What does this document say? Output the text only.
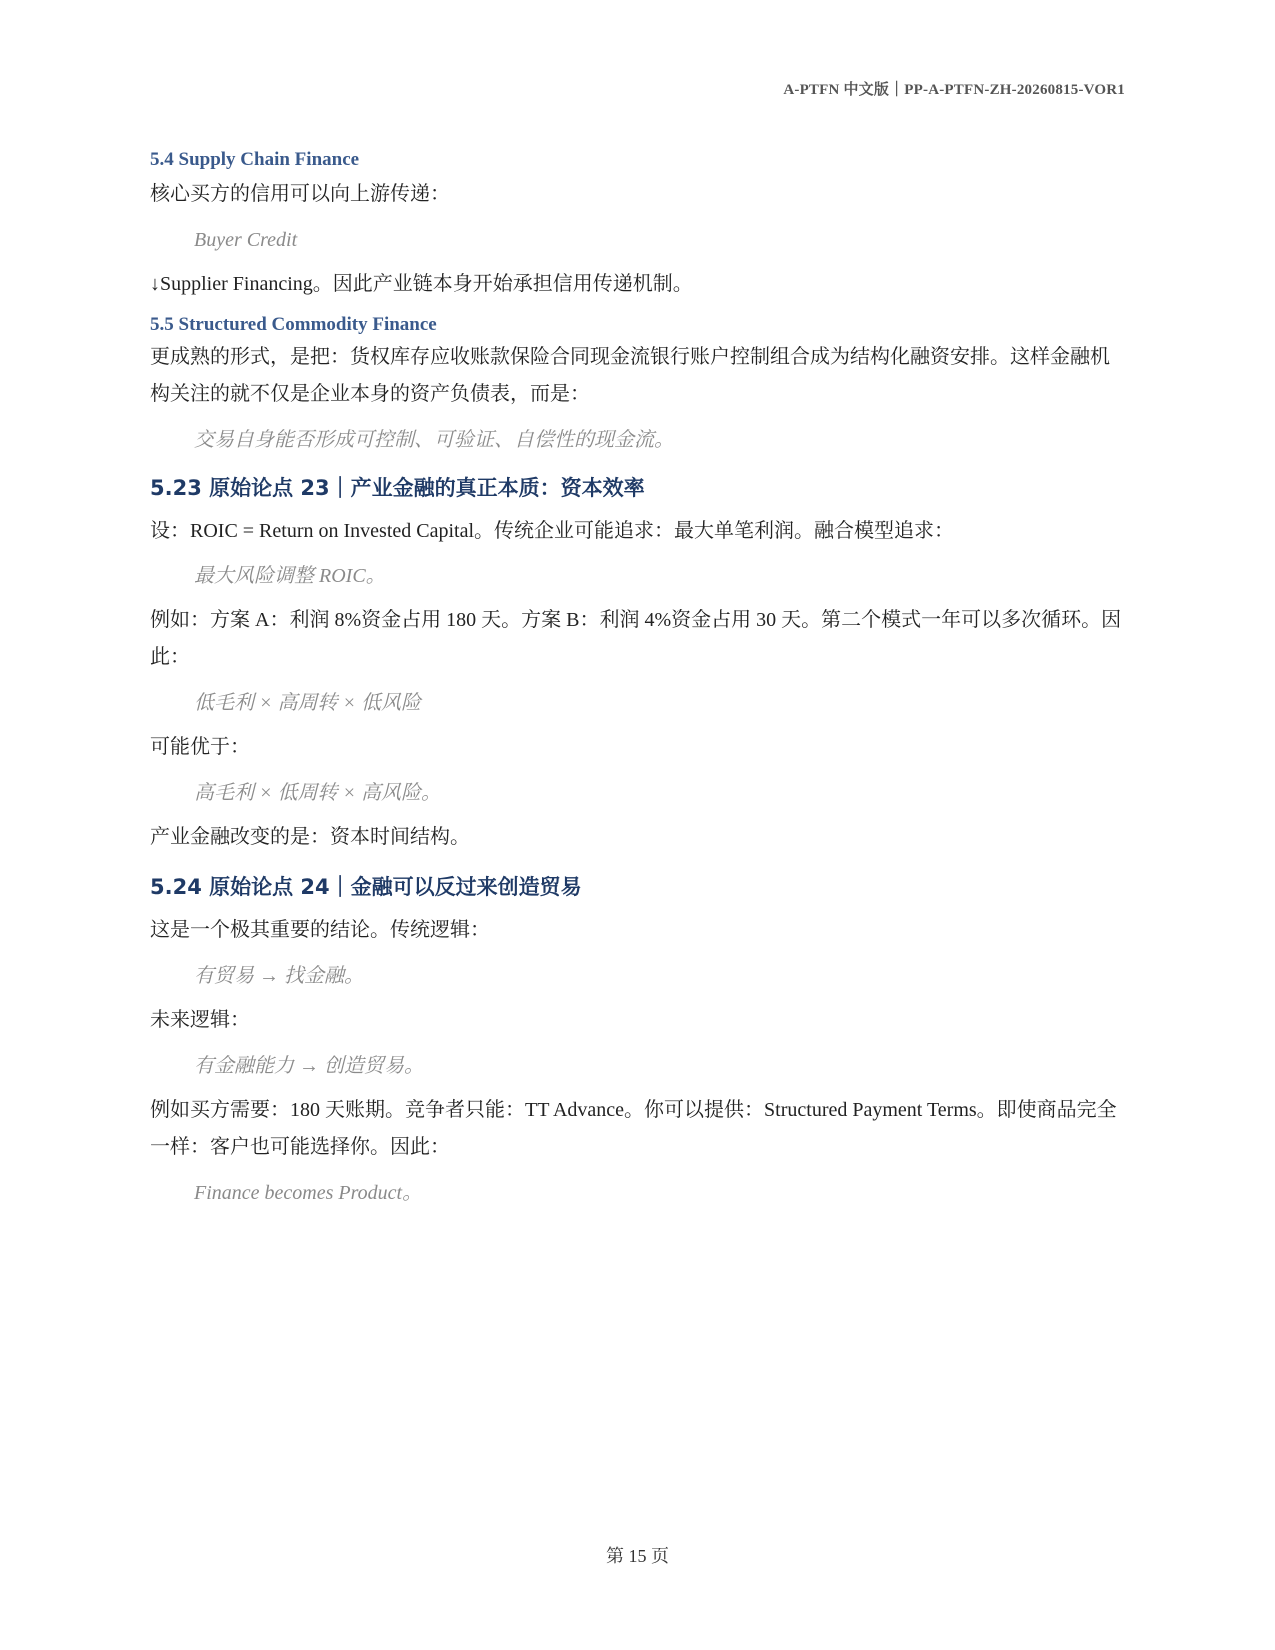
A-PTFN 中文版｜PP-A-PTFN-ZH-20260815-VOR1
5.4 Supply Chain Finance

核心买方的信用可以向上游传递：

Buyer Credit

↓Supplier Financing。因此产业链本身开始承担信用传递机制。

5.5 Structured Commodity Finance

更成熟的形式，是把：货权库存应收账款保险合同现金流银行账户控制组合成为结构化融资安排。这样金融机构关注的就不仅是企业本身的资产负债表，而是：

交易自身能否形成可控制、可验证、自偿性的现金流。

5.23 原始论点 23｜产业金融的真正本质：资本效率

设：ROIC = Return on Invested Capital。传统企业可能追求：最大单笔利润。融合模型追求：

最大风险调整 ROIC。

例如：方案 A：利润 8%资金占用 180 天。方案 B：利润 4%资金占用 30 天。第二个模式一年可以多次循环。因此：

低毛利 × 高周转 × 低风险

可能优于：

高毛利 × 低周转 × 高风险。

产业金融改变的是：资本时间结构。

5.24 原始论点 24｜金融可以反过来创造贸易

这是一个极其重要的结论。传统逻辑：

有贸易 → 找金融。

未来逻辑：

有金融能力 → 创造贸易。

例如买方需要：180 天账期。竞争者只能：TT Advance。你可以提供：Structured Payment Terms。即使商品完全一样：客户也可能选择你。因此：

Finance becomes Product。

第 15 页
